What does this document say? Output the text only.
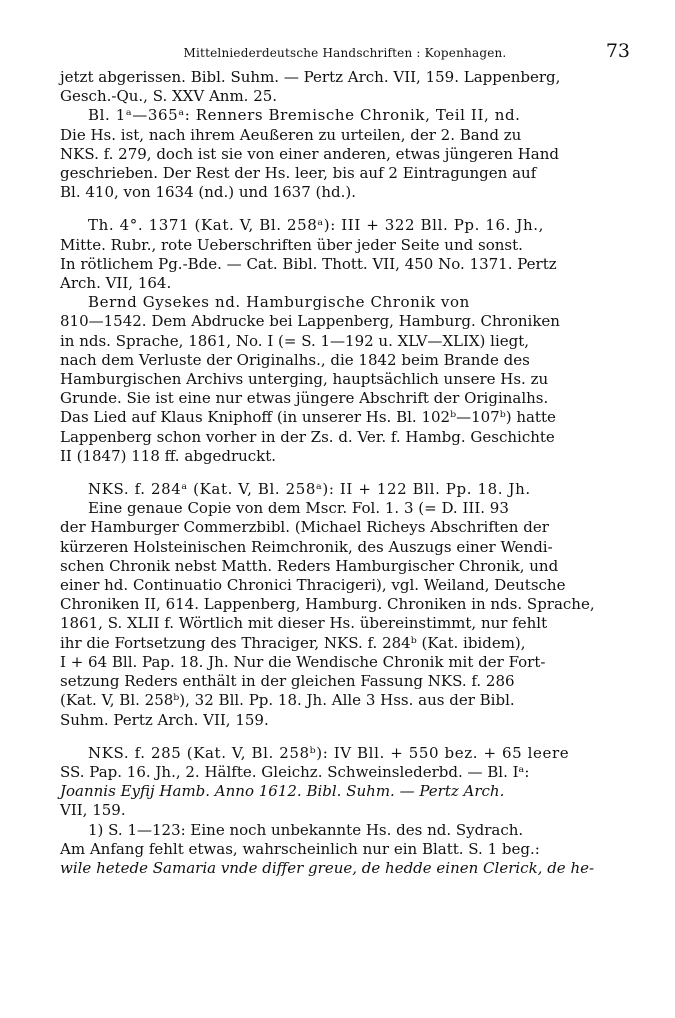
Mittelniederdeutsche Handschriften : Kopenhagen.	73
jetzt abgerissen. Bibl. Suhm. — Pertz Arch. VII, 159. Lappenberg,
Gesch.-Qu., S. XXV Anm. 25.
Bl. 1ᵃ—365ᵃ: Renners Bremische Chronik, Teil II, nd.
Die Hs. ist, nach ihrem Aeußeren zu urteilen, der 2. Band zu
NKS. f. 279, doch ist sie von einer anderen, etwas jüngeren Hand
geschrieben. Der Rest der Hs. leer, bis auf 2 Eintragungen auf
Bl. 410, von 1634 (nd.) und 1637 (hd.).
Th. 4°. 1371 (Kat. V, Bl. 258ᵃ): III + 322 Bll. Pp. 16. Jh.,
Mitte. Rubr., rote Ueberschriften über jeder Seite und sonst.
In rötlichem Pg.-Bde. — Cat. Bibl. Thott. VII, 450 No. 1371. Pertz
Arch. VII, 164.
Bernd Gysekes nd. Hamburgische Chronik von
810—1542. Dem Abdrucke bei Lappenberg, Hamburg. Chroniken
in nds. Sprache, 1861, No. I (= S. 1—192 u. XLV—XLIX) liegt,
nach dem Verluste der Originalhs., die 1842 beim Brande des
Hamburgischen Archivs unterging, hauptsächlich unsere Hs. zu
Grunde. Sie ist eine nur etwas jüngere Abschrift der Originalhs.
Das Lied auf Klaus Kniphoff (in unserer Hs. Bl. 102ᵇ—107ᵇ) hatte
Lappenberg schon vorher in der Zs. d. Ver. f. Hambg. Geschichte
II (1847) 118 ff. abgedruckt.
NKS. f. 284ᵃ (Kat. V, Bl. 258ᵃ): II + 122 Bll. Pp. 18. Jh.
Eine genaue Copie von dem Mscr. Fol. 1. 3 (= D. III. 93
der Hamburger Commerzbibl. (Michael Richeys Abschriften der
kürzeren Holsteinischen Reimchronik, des Auszugs einer Wendi-
schen Chronik nebst Matth. Reders Hamburgischer Chronik, und
einer hd. Continuatio Chronici Thracigeri), vgl. Weiland, Deutsche
Chroniken II, 614. Lappenberg, Hamburg. Chroniken in nds. Sprache,
1861, S. XLII f. Wörtlich mit dieser Hs. übereinstimmt, nur fehlt
ihr die Fortsetzung des Thraciger, NKS. f. 284ᵇ (Kat. ibidem),
I + 64 Bll. Pap. 18. Jh. Nur die Wendische Chronik mit der Fort-
setzung Reders enthält in der gleichen Fassung NKS. f. 286
(Kat. V, Bl. 258ᵇ), 32 Bll. Pp. 18. Jh. Alle 3 Hss. aus der Bibl.
Suhm. Pertz Arch. VII, 159.
NKS. f. 285 (Kat. V, Bl. 258ᵇ): IV Bll. + 550 bez. + 65 leere
SS. Pap. 16. Jh., 2. Hälfte. Gleichz. Schweinslederbd. — Bl. Iᵃ:
Joannis Eyfij Hamb. Anno 1612. Bibl. Suhm. — Pertz Arch.
VII, 159.
1) S. 1—123: Eine noch unbekannte Hs. des nd. Sydrach.
Am Anfang fehlt etwas, wahrscheinlich nur ein Blatt. S. 1 beg.:
wile hetede Samaria vnde differ greue, de hedde einen Clerick, de he-
